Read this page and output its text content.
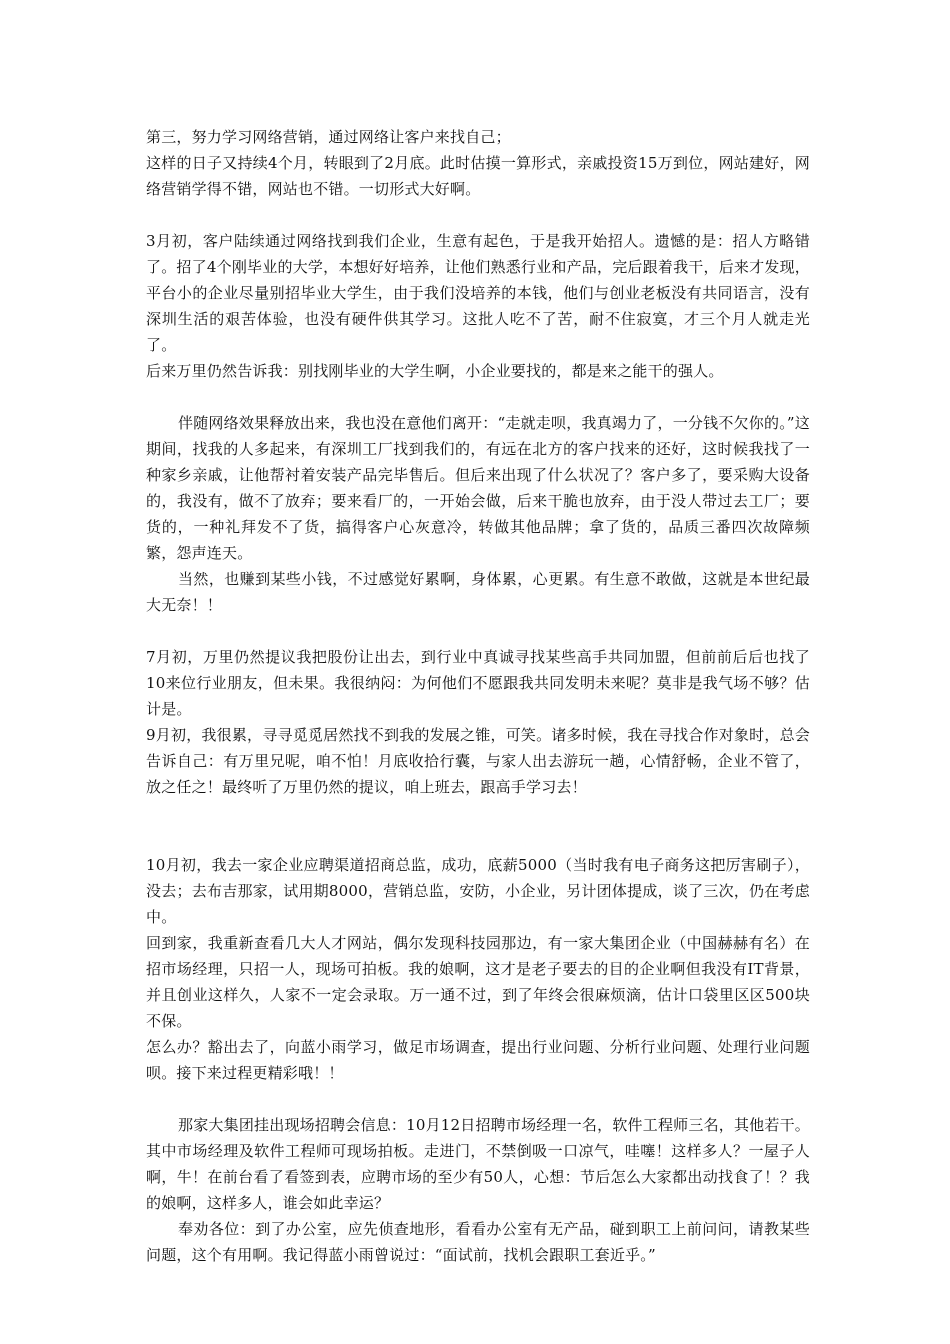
第三，努力学习网络营销，通过网络让客户来找自己；

这样的日子又持续4个月，转眼到了2月底。此时估摸一算形式，亲戚投资15万到位，网站建好，网络营销学得不错，网站也不错。一切形式大好啊。

3月初，客户陆续通过网络找到我们企业，生意有起色，于是我开始招人。遗憾的是：招人方略错了。招了4个刚毕业的大学，本想好好培养，让他们熟悉行业和产品，完后跟着我干，后来才发现，平台小的企业尽量别招毕业大学生，由于我们没培养的本钱，他们与创业老板没有共同语言，没有深圳生活的艰苦体验，也没有硬件供其学习。这批人吃不了苦，耐不住寂寞，才三个月人就走光了。

后来万里仍然告诉我：别找刚毕业的大学生啊，小企业要找的，都是来之能干的强人。

伴随网络效果释放出来，我也没在意他们离开：“走就走呗，我真竭力了，一分钱不欠你的。”这期间，找我的人多起来，有深圳工厂找到我们的，有远在北方的客户找来的还好，这时候我找了一种家乡亲戚，让他帮衬着安装产品完毕售后。但后来出现了什么状况了？客户多了，要采购大设备的，我没有，做不了放弃；要来看厂的，一开始会做，后来干脆也放弃，由于没人带过去工厂；要货的，一种礼拜发不了货，搞得客户心灰意冷，转做其他品牌；拿了货的，品质三番四次故障频繁，怨声连天。

当然，也赚到某些小钱，不过感觉好累啊，身体累，心更累。有生意不敢做，这就是本世纪最大无奈！！

7月初，万里仍然提议我把股份让出去，到行业中真诚寻找某些高手共同加盟，但前前后后也找了10来位行业朋友，但未果。我很纳闷：为何他们不愿跟我共同发明未来呢？莫非是我气场不够？估计是。

9月初，我很累，寻寻觅觅居然找不到我的发展之锥，可笑。诸多时候，我在寻找合作对象时，总会告诉自己：有万里兄呢，咱不怕！月底收拾行囊，与家人出去游玩一趟，心情舒畅，企业不管了，放之任之！最终听了万里仍然的提议，咱上班去，跟高手学习去！

10月初，我去一家企业应聘渠道招商总监，成功，底薪5000（当时我有电子商务这把厉害刷子），没去；去布吉那家，试用期8000，营销总监，安防，小企业，另计团体提成，谈了三次，仍在考虑中。

回到家，我重新查看几大人才网站，偶尔发现科技园那边，有一家大集团企业（中国赫赫有名）在招市场经理，只招一人，现场可拍板。我的娘啊，这才是老子要去的目的企业啊但我没有IT背景，并且创业这样久，人家不一定会录取。万一通不过，到了年终会很麻烦滴，估计口袋里区区500块不保。

怎么办？豁出去了，向蓝小雨学习，做足市场调查，提出行业问题、分析行业问题、处理行业问题呗。接下来过程更精彩哦！！

那家大集团挂出现场招聘会信息：10月12日招聘市场经理一名，软件工程师三名，其他若干。其中市场经理及软件工程师可现场拍板。走进门，不禁倒吸一口凉气，哇噻！这样多人？一屋子人啊，牛！在前台看了看签到表，应聘市场的至少有50人，心想：节后怎么大家都出动找食了！？我的娘啊，这样多人，谁会如此幸运？

奉劝各位：到了办公室，应先侦查地形，看看办公室有无产品，碰到职工上前问问，请教某些问题，这个有用啊。我记得蓝小雨曾说过：“面试前，找机会跟职工套近乎。”
